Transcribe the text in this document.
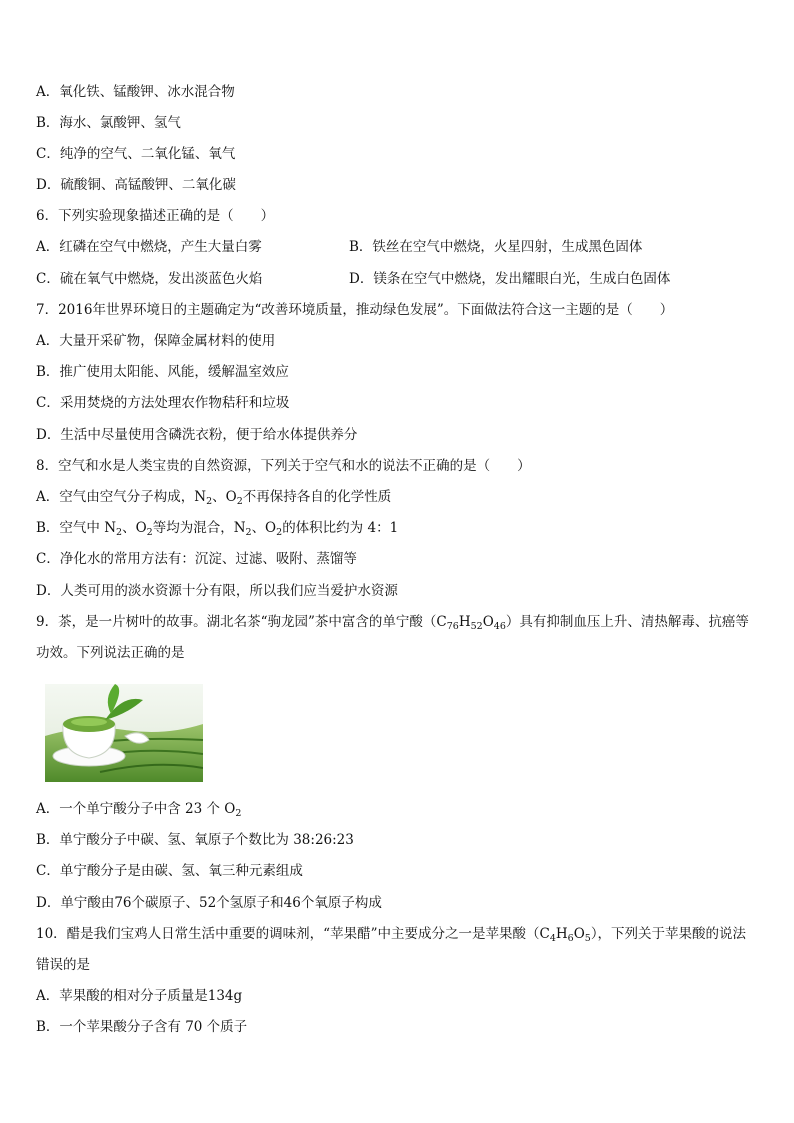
A．氧化铁、锰酸钾、冰水混合物
B．海水、氯酸钾、氢气
C．纯净的空气、二氧化锰、氧气
D．硫酸铜、高锰酸钾、二氧化碳
6．下列实验现象描述正确的是（　　）
A．红磷在空气中燃烧，产生大量白雾	B．铁丝在空气中燃烧，火星四射，生成黑色固体
C．硫在氧气中燃烧，发出淡蓝色火焰	D．镁条在空气中燃烧，发出耀眼白光，生成白色固体
7．2016年世界环境日的主题确定为“改善环境质量，推动绿色发展”。下面做法符合这一主题的是（　　）
A．大量开采矿物，保障金属材料的使用
B．推广使用太阳能、风能，缓解温室效应
C．采用焚烧的方法处理农作物秸秆和垃圾
D．生活中尽量使用含磷洗衣粉，便于给水体提供养分
8．空气和水是人类宝贵的自然资源，下列关于空气和水的说法不正确的是（　　）
A．空气由空气分子构成，$N_2$、$O_2$不再保持各自的化学性质
B．空气中 $N_2$、$O_2$等均为混合，$N_2$、$O_2$的体积比约为 4：1
C．净化水的常用方法有：沉淀、过滤、吸附、蒸馏等
D．人类可用的淡水资源十分有限，所以我们应当爱护水资源
9．茶，是一片树叶的故事。湖北名茶“驹龙园”茶中富含的单宁酸$(C_{76}H_{52}O_{46})$具有抑制血压上升、清热解毒、抗癌等
功效。下列说法正确的是
A．一个单宁酸分子中含 23 个 $O_2$
B．单宁酸分子中碳、氢、氧原子个数比为 38:26:23
C．单宁酸分子是由碳、氢、氧三种元素组成
D．单宁酸由76个碳原子、52个氢原子和46个氧原子构成
10．醋是我们宝鸡人日常生活中重要的调味剂，“苹果醋”中主要成分之一是苹果酸$(C_4H_6O_5)$，下列关于苹果酸的说法
错误的是
A．苹果酸的相对分子质量是134g
B．一个苹果酸分子含有 70 个质子
